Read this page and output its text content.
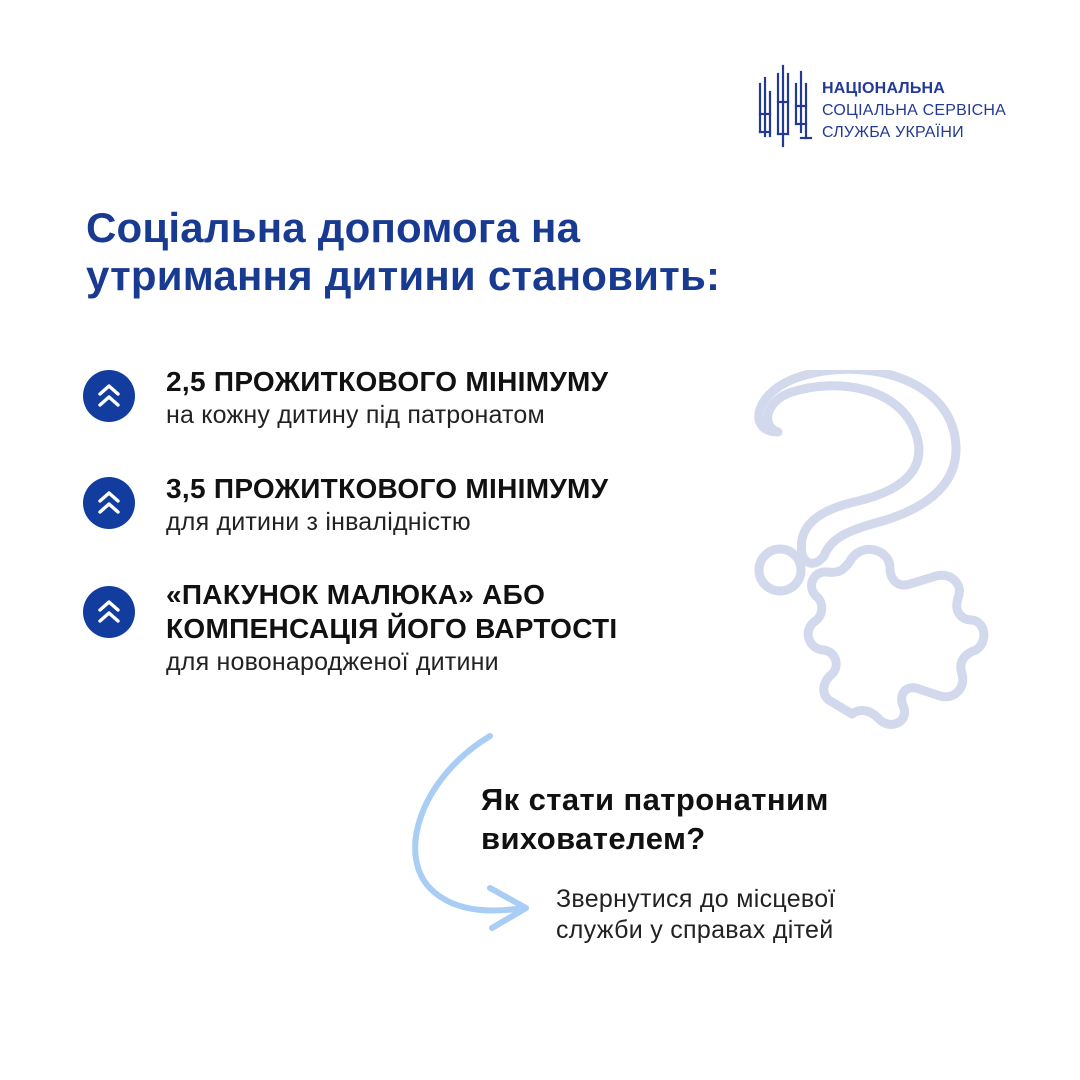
НАЦІОНАЛЬНА
СОЦІАЛЬНА СЕРВІСНА
СЛУЖБА УКРАЇНИ
Соціальна допомога на
утримання дитини становить:
2,5 ПРОЖИТКОВОГО МІНІМУМУ
на кожну дитину під патронатом
3,5 ПРОЖИТКОВОГО МІНІМУМУ
для дитини з інвалідністю
«ПАКУНОК МАЛЮКА» АБО
КОМПЕНСАЦІЯ ЙОГО ВАРТОСТІ
для новонародженої дитини
Як стати патронатним
вихователем?

Звернутися до місцевої
служби у справах дітей
